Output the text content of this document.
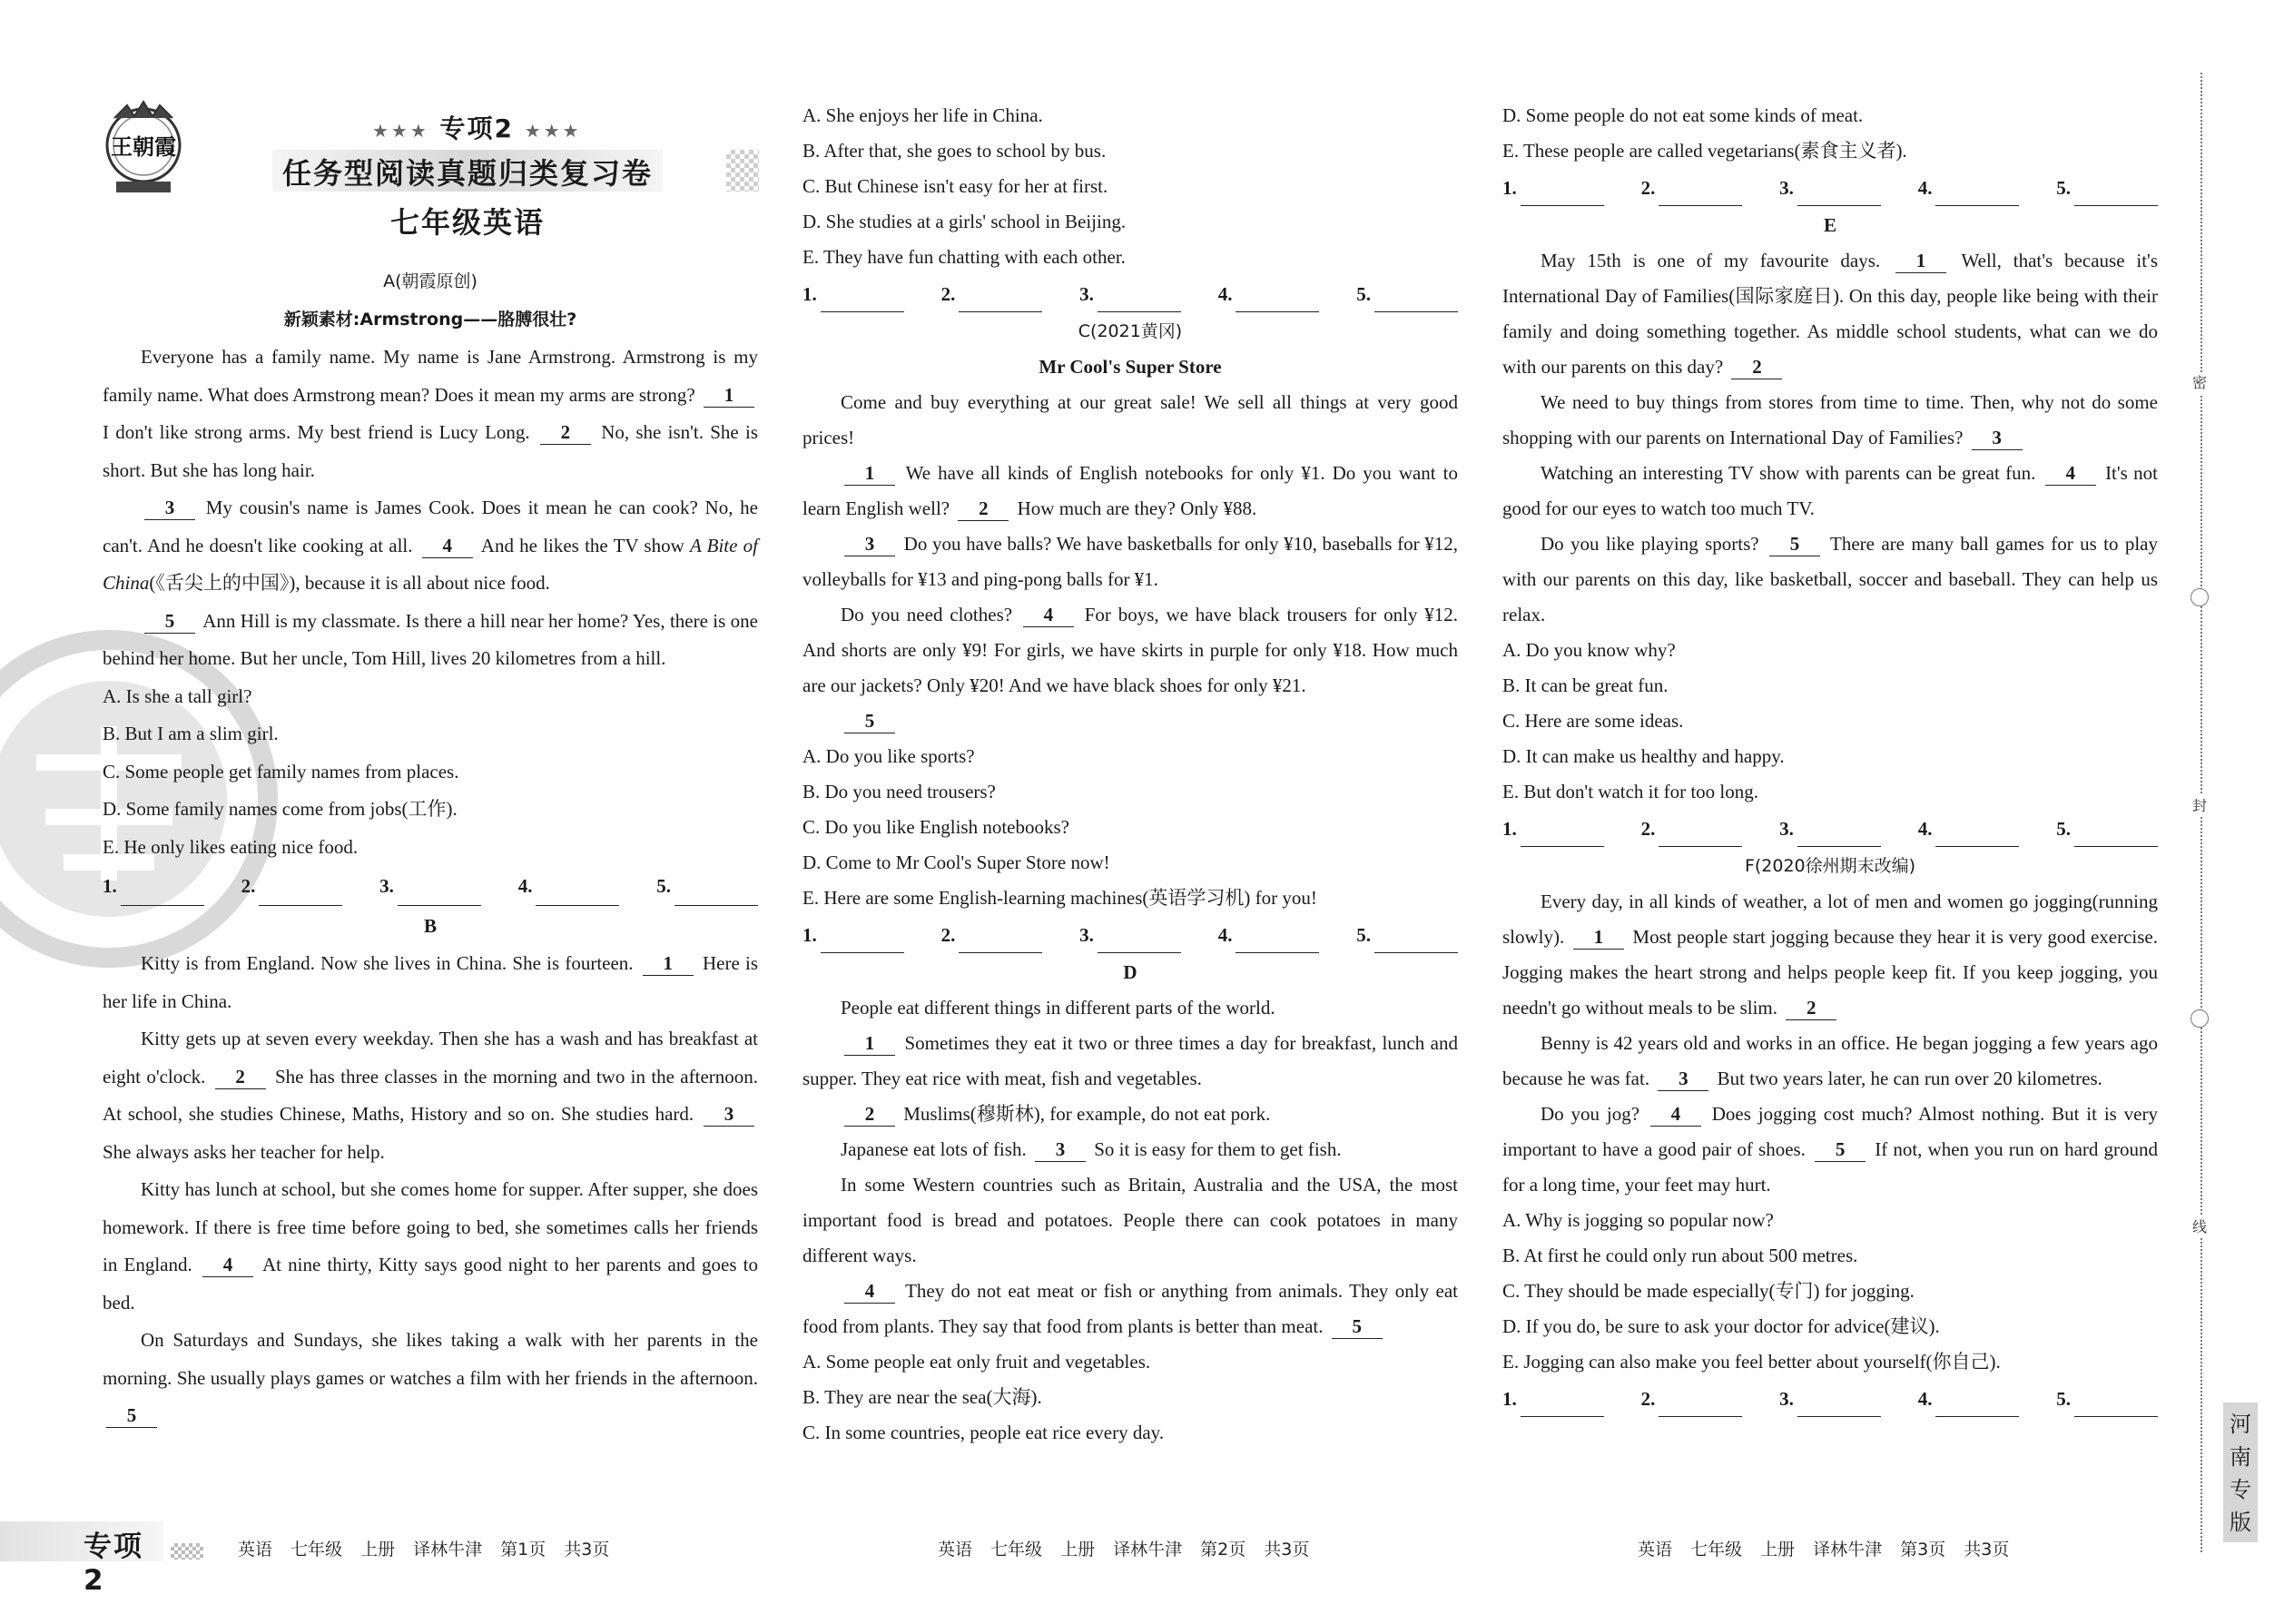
王朝霞
★★★ 专项2 ★★★
任务型阅读真题归类复习卷
七年级英语

A(朝霞原创)

新颖素材:Armstrong——胳膊很壮?

Everyone has a family name. My name is Jane Armstrong. Armstrong is my family name. What does Armstrong mean? Does it mean my arms are strong? 1 I don't like strong arms. My best friend is Lucy Long. 2 No, she isn't. She is short. But she has long hair.

3 My cousin's name is James Cook. Does it mean he can cook? No, he can't. And he doesn't like cooking at all. 4 And he likes the TV show A Bite of China(《舌尖上的中国》), because it is all about nice food.

5 Ann Hill is my classmate. Is there a hill near her home? Yes, there is one behind her home. But her uncle, Tom Hill, lives 20 kilometres from a hill.

A. Is she a tall girl?

B. But I am a slim girl.

C. Some people get family names from places.

D. Some family names come from jobs(工作).

E. He only likes eating nice food.

1.	2.	3.	4.	5.

B

Kitty is from England. Now she lives in China. She is fourteen. 1 Here is her life in China.

Kitty gets up at seven every weekday. Then she has a wash and has breakfast at eight o'clock. 2 She has three classes in the morning and two in the afternoon. At school, she studies Chinese, Maths, History and so on. She studies hard. 3 She always asks her teacher for help.

Kitty has lunch at school, but she comes home for supper. After supper, she does homework. If there is free time before going to bed, she sometimes calls her friends in England. 4 At nine thirty, Kitty says good night to her parents and goes to bed.

On Saturdays and Sundays, she likes taking a walk with her parents in the morning. She usually plays games or watches a film with her friends in the afternoon. 5

A. She enjoys her life in China.

B. After that, she goes to school by bus.

C. But Chinese isn't easy for her at first.

D. She studies at a girls' school in Beijing.

E. They have fun chatting with each other.

1.	2.	3.	4.	5.

C(2021黄冈)

Mr Cool's Super Store

Come and buy everything at our great sale! We sell all things at very good prices!

1 We have all kinds of English notebooks for only ¥1. Do you want to learn English well? 2 How much are they? Only ¥88.

3 Do you have balls? We have basketballs for only ¥10, baseballs for ¥12, volleyballs for ¥13 and ping-pong balls for ¥1.

Do you need clothes? 4 For boys, we have black trousers for only ¥12. And shorts are only ¥9! For girls, we have skirts in purple for only ¥18. How much are our jackets? Only ¥20! And we have black shoes for only ¥21.

5

A. Do you like sports?

B. Do you need trousers?

C. Do you like English notebooks?

D. Come to Mr Cool's Super Store now!

E. Here are some English-learning machines(英语学习机) for you!

1.	2.	3.	4.	5.

D

People eat different things in different parts of the world.

1 Sometimes they eat it two or three times a day for breakfast, lunch and supper. They eat rice with meat, fish and vegetables.

2 Muslims(穆斯林), for example, do not eat pork.

Japanese eat lots of fish. 3 So it is easy for them to get fish.

In some Western countries such as Britain, Australia and the USA, the most important food is bread and potatoes. People there can cook potatoes in many different ways.

4 They do not eat meat or fish or anything from animals. They only eat food from plants. They say that food from plants is better than meat. 5

A. Some people eat only fruit and vegetables.

B. They are near the sea(大海).

C. In some countries, people eat rice every day.

D. Some people do not eat some kinds of meat.

E. These people are called vegetarians(素食主义者).

1.	2.	3.	4.	5.

E

May 15th is one of my favourite days. 1 Well, that's because it's International Day of Families(国际家庭日). On this day, people like being with their family and doing something together. As middle school students, what can we do with our parents on this day? 2

We need to buy things from stores from time to time. Then, why not do some shopping with our parents on International Day of Families? 3

Watching an interesting TV show with parents can be great fun. 4 It's not good for our eyes to watch too much TV.

Do you like playing sports? 5 There are many ball games for us to play with our parents on this day, like basketball, soccer and baseball. They can help us relax.

A. Do you know why?

B. It can be great fun.

C. Here are some ideas.

D. It can make us healthy and happy.

E. But don't watch it for too long.

1.	2.	3.	4.	5.

F(2020徐州期末改编)

Every day, in all kinds of weather, a lot of men and women go jogging(running slowly). 1 Most people start jogging because they hear it is very good exercise. Jogging makes the heart strong and helps people keep fit. If you keep jogging, you needn't go without meals to be slim. 2

Benny is 42 years old and works in an office. He began jogging a few years ago because he was fat. 3 But two years later, he can run over 20 kilometres.

Do you jog? 4 Does jogging cost much? Almost nothing. But it is very important to have a good pair of shoes. 5 If not, when you run on hard ground for a long time, your feet may hurt.

A. Why is jogging so popular now?

B. At first he could only run about 500 metres.

C. They should be made especially(专门) for jogging.

D. If you do, be sure to ask your doctor for advice(建议).

E. Jogging can also make you feel better about yourself(你自己).

1.	2.	3.	4.	5.
专项2
英语 七年级 上册 译林牛津 第1页 共3页	英语 七年级 上册 译林牛津 第2页 共3页	英语 七年级 上册 译林牛津 第3页 共3页
密
封
线
河
南
专
版
